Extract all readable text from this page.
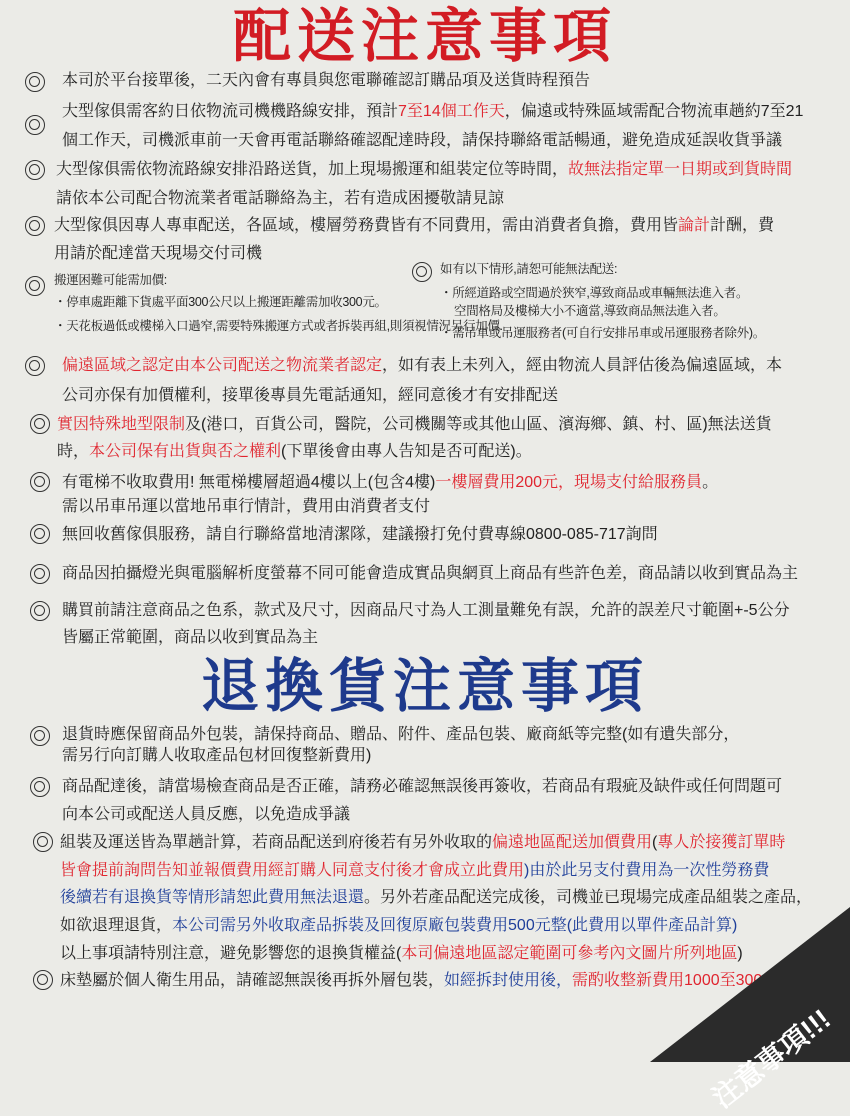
配送注意事項
退換貨注意事項
本司於平台接單後，二天內會有專員與您電聯確認訂購品項及送貨時程預告
大型傢俱需客約日依物流司機機路線安排，預計7至14個工作天，偏遠或特殊區域需配合物流車趟約7至21
個工作天，司機派車前一天會再電話聯絡確認配達時段，請保持聯絡電話暢通，避免造成延誤收貨爭議
大型傢俱需依物流路線安排沿路送貨，加上現場搬運和組裝定位等時間，故無法指定單一日期或到貨時間
請依本公司配合物流業者電話聯絡為主，若有造成困擾敬請見諒
大型傢俱因專人專車配送，各區域，樓層勞務費皆有不同費用，需由消費者負擔，費用皆論計計酬，費
用請於配達當天現場交付司機
搬運困難可能需加價:
・停車處距離下貨處平面300公尺以上搬運距離需加收300元。
・天花板過低或樓梯入口過窄,需要特殊搬運方式或者拆裝再組,則須視情況另行加價.
如有以下情形,請恕可能無法配送:
・所經道路或空間過於狹窄,導致商品或車輛無法進入者。
空間格局及樓梯大小不適當,導致商品無法進入者。
・需吊車或吊運服務者(可自行安排吊車或吊運服務者除外)。
偏遠區域之認定由本公司配送之物流業者認定，如有表上未列入，經由物流人員評估後為偏遠區域，本
公司亦保有加價權利，接單後專員先電話通知，經同意後才有安排配送
實因特殊地型限制及(港口，百貨公司，醫院，公司機關等或其他山區、濱海鄉、鎮、村、區)無法送貨
時，本公司保有出貨與否之權利(下單後會由專人告知是否可配送)。
有電梯不收取費用! 無電梯樓層超過4樓以上(包含4樓)一樓層費用200元，現場支付給服務員。
需以吊車吊運以當地吊車行情計，費用由消費者支付
無回收舊傢俱服務，請自行聯絡當地清潔隊，建議撥打免付費專線0800-085-717詢問
商品因拍攝燈光與電腦解析度螢幕不同可能會造成實品與網頁上商品有些許色差，商品請以收到實品為主
購買前請注意商品之色系，款式及尺寸，因商品尺寸為人工測量難免有誤，允許的誤差尺寸範圍+-5公分
皆屬正常範圍，商品以收到實品為主
退貨時應保留商品外包裝，請保持商品、贈品、附件、產品包裝、廠商紙等完整(如有遺失部分，
需另行向訂購人收取產品包材回復整新費用)
商品配達後，請當場檢查商品是否正確，請務必確認無誤後再簽收，若商品有瑕疵及缺件或任何問題可
向本公司或配送人員反應，以免造成爭議
組裝及運送皆為單趟計算，若商品配送到府後若有另外收取的偏遠地區配送加價費用(專人於接獲訂單時
皆會提前詢問告知並報價費用經訂購人同意支付後才會成立此費用)由於此另支付費用為一次性勞務費
後續若有退換貨等情形請恕此費用無法退還。另外若產品配送完成後，司機並已現場完成產品組裝之產品，
如欲退理退貨，本公司需另外收取產品拆裝及回復原廠包裝費用500元整(此費用以單件產品計算)
以上事項請特別注意，避免影響您的退換貨權益(本司偏遠地區認定範圍可參考內文圖片所列地區)
床墊屬於個人衛生用品，請確認無誤後再拆外層包裝，如經拆封使用後，需酌收整新費用1000至3000元
注意事項!!!
